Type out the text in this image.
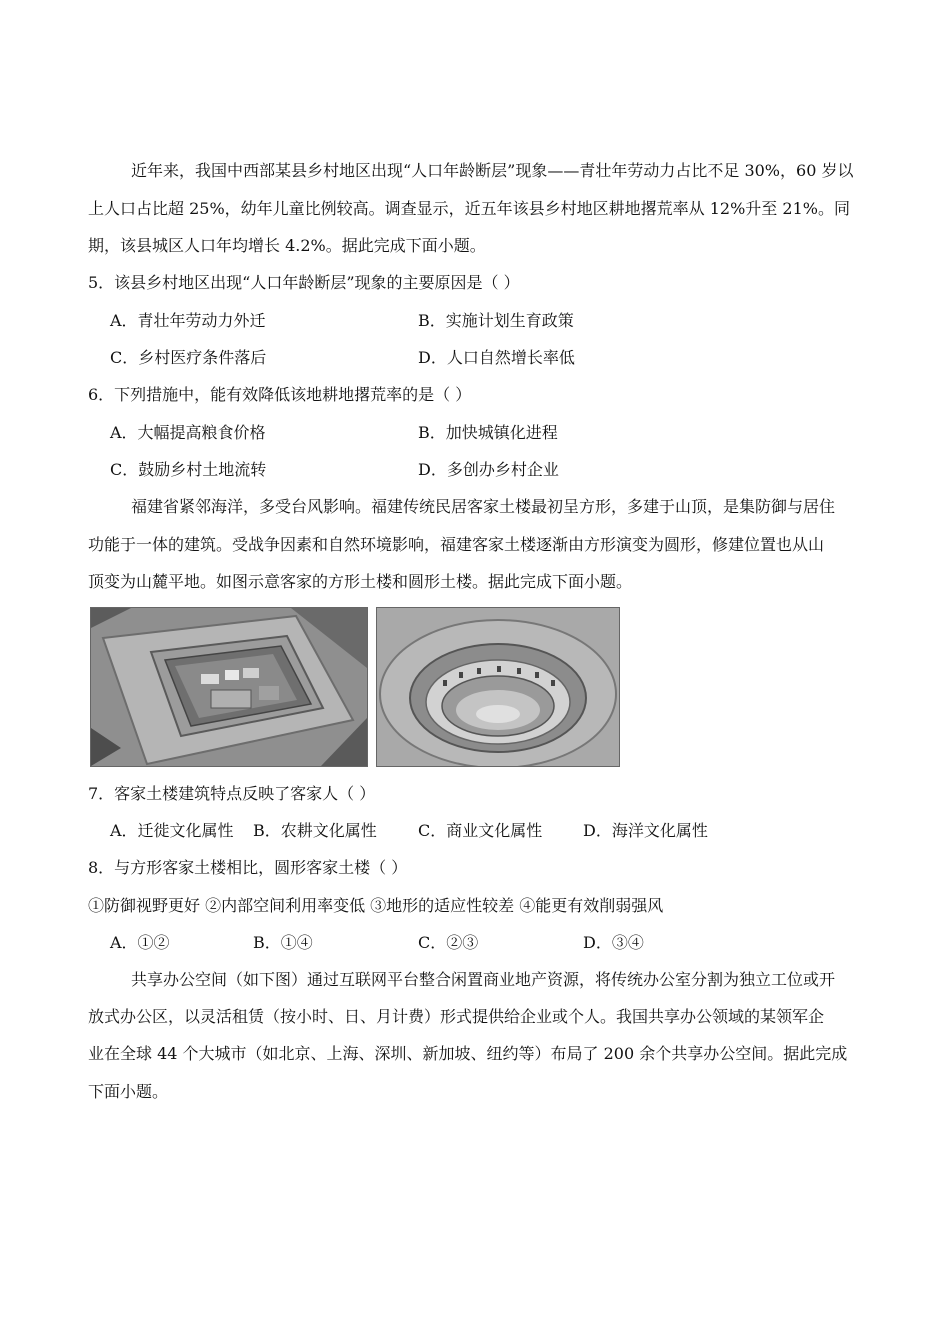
近年来，我国中西部某县乡村地区出现“人口年龄断层”现象——青壮年劳动力占比不足 30%，60 岁以
上人口占比超 25%，幼年儿童比例较高。调查显示，近五年该县乡村地区耕地撂荒率从 12%升至 21%。同
期，该县城区人口年均增长 4.2%。据此完成下面小题。
5．该县乡村地区出现“人口年龄断层”现象的主要原因是（ ）
A．青壮年劳动力外迁	B．实施计划生育政策
C．乡村医疗条件落后	D．人口自然增长率低
6．下列措施中，能有效降低该地耕地撂荒率的是（ ）
A．大幅提高粮食价格	B．加快城镇化进程
C．鼓励乡村土地流转	D．多创办乡村企业
福建省紧邻海洋，多受台风影响。福建传统民居客家土楼最初呈方形，多建于山顶，是集防御与居住
功能于一体的建筑。受战争因素和自然环境影响，福建客家土楼逐渐由方形演变为圆形，修建位置也从山
顶变为山麓平地。如图示意客家的方形土楼和圆形土楼。据此完成下面小题。
7．客家土楼建筑特点反映了客家人（ ）
A．迁徙文化属性 B．农耕文化属性	C．商业文化属性	D．海洋文化属性
8．与方形客家土楼相比，圆形客家土楼（ ）
①防御视野更好 ②内部空间利用率变低 ③地形的适应性较差 ④能更有效削弱强风
A．①②	B．①④	C．②③	D．③④
共享办公空间（如下图）通过互联网平台整合闲置商业地产资源，将传统办公室分割为独立工位或开
放式办公区，以灵活租赁（按小时、日、月计费）形式提供给企业或个人。我国共享办公领域的某领军企
业在全球 44 个大城市（如北京、上海、深圳、新加坡、纽约等）布局了 200 余个共享办公空间。据此完成
下面小题。
